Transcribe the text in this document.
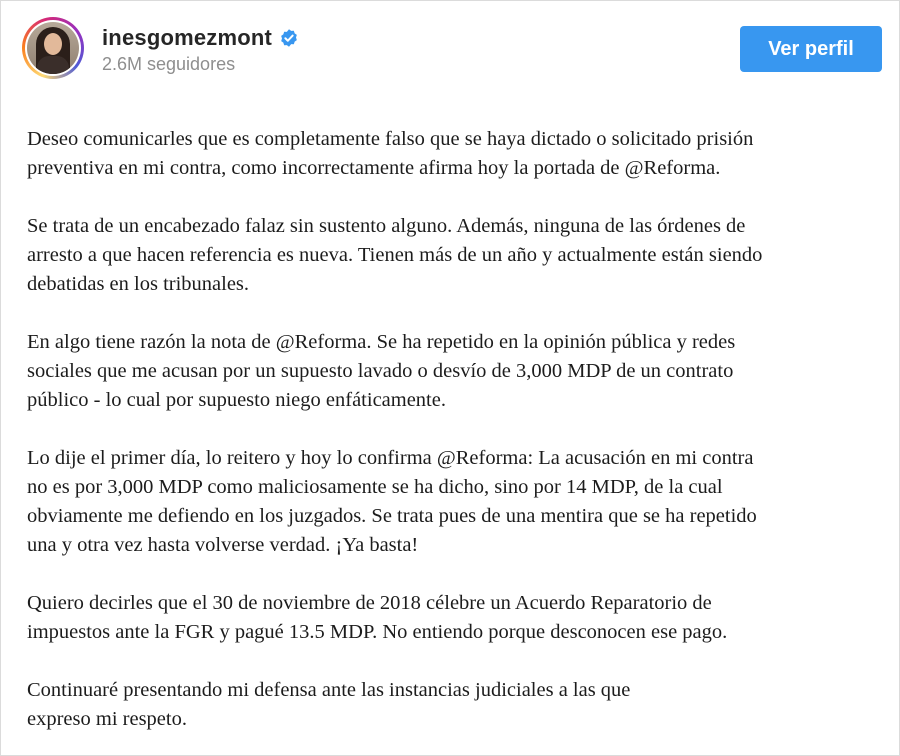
inesgomezmont
2.6M seguidores
Ver perfil
Deseo comunicarles que es completamente falso que se haya dictado o solicitado prisión
preventiva en mi contra, como incorrectamente afirma hoy la portada de @Reforma.
Se trata de un encabezado falaz sin sustento alguno. Además, ninguna de las órdenes de
arresto a que hacen referencia es nueva. Tienen más de un año y actualmente están siendo
debatidas en los tribunales.
En algo tiene razón la nota de @Reforma. Se ha repetido en la opinión pública y redes
sociales que me acusan por un supuesto lavado o desvío de 3,000 MDP de un contrato
público - lo cual por supuesto niego enfáticamente.
Lo dije el primer día, lo reitero y hoy lo confirma @Reforma: La acusación en mi contra
no es por 3,000 MDP como maliciosamente se ha dicho, sino por 14 MDP, de la cual
obviamente me defiendo en los juzgados. Se trata pues de una mentira que se ha repetido
una y otra vez hasta volverse verdad. ¡Ya basta!
Quiero decirles que el 30 de noviembre de 2018 célebre un Acuerdo Reparatorio de
impuestos ante la FGR y pagué 13.5 MDP. No entiendo porque desconocen ese pago.
Continuaré presentando mi defensa ante las instancias judiciales a las que
expreso mi respeto.
